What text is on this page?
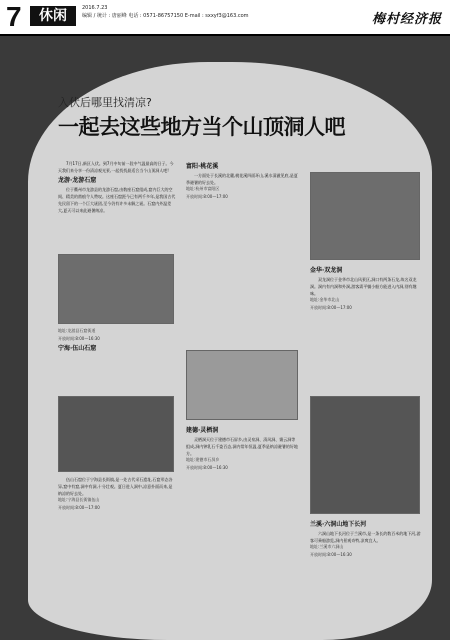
7	休闲	2016.7.23
编辑 / 统计 : 唐丽峰 电话 : 0571-86757150 E-mail : sxxyf3@163.com	梅村经济报
入伏后哪里找清凉?
一起去这些地方当个山顶洞人吧
7月17日,新区入伏。到7月中旬前一段中气温最高的日子。今天我们来分享一份清凉观光景,一起找找最适合当个山顶洞人吧!
龙游·龙游石窟
位于衢州市龙游县的龙游石窟,由数座石窟组成,窟内巨大的空间、精美的凿痕令人赞叹。这座石窟距今已有两千多年,是我国古代先民留下的一个巨大谜团,至今仍有许多未解之谜。石窟内外温差大,夏天可以来此避暑纳凉。
地址:龙游县石窟街道
开放时间:8:00—16:30
宁海·伍山石窟
伍山石窟位于宁海县长街镇,是一处古代采石遗址,石窟形态各异,窟中有窟,洞中有洞,十分壮观。夏日进入洞中,凉意扑面而来,是纳凉的好去处。
地址:宁海县长街镇伍山
开放时间:8:00—17:00
富阳·桃花溪
一方面处于长溪的北麓,桃花溪四面环山,溪水清澈见底,是夏季避暑的好去处。
地址:杭州市富阳区
开放时间:8:00—17:00
建德·灵栖洞
灵栖洞天位于建德市石屏乡,由灵泉洞、清风洞、霭云洞等组成,洞内钟乳石千姿百态,洞内常年恒温,夏季是纳凉避暑的好地方。
地址:建德市石屏乡
开放时间:8:00—16:30
金华·双龙洞
双龙洞位于金华市北山风景区,洞口有两条石龙,故名双龙洞。洞内有内洞和外洞,游客需平躺小船方能进入内洞,别有趣味。
地址:金华市北山
开放时间:8:00—17:00
兰溪·六洞山地下长河
六洞山地下长河位于兰溪市,是一条长约数百米的地下河,游客可乘船游览,洞内景观奇特,凉爽宜人。
地址:兰溪市六洞山
开放时间:8:00—16:30
